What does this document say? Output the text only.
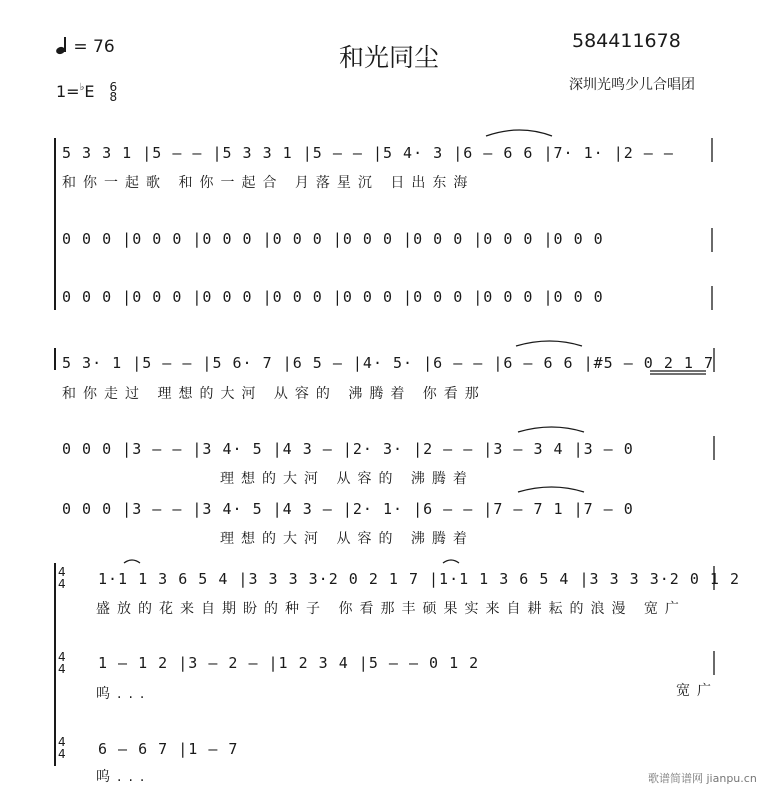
和光同尘
= 76
1=♭E 6
8
584411678
深圳光鸣少儿合唱团
5 3 3 1 |5 — — |5 3 3 1 |5 — — |5 4· 3 |6 — 6 6 |7· 1· |2 — —
和你一起歌 和你一起合 月落星沉 日出东海
0 0 0 |0 0 0 |0 0 0 |0 0 0 |0 0 0 |0 0 0 |0 0 0 |0 0 0
0 0 0 |0 0 0 |0 0 0 |0 0 0 |0 0 0 |0 0 0 |0 0 0 |0 0 0
5 3· 1 |5 — — |5 6· 7 |6 5 — |4· 5· |6 — — |6 — 6 6 |#5 — 0 2 1 7
和你走过 理想的大河 从容的 沸腾着 你看那
0 0 0 |3 — — |3 4· 5 |4 3 — |2· 3· |2 — — |3 — 3 4 |3 — 0
理想的大河 从容的 沸腾着
0 0 0 |3 — — |3 4· 5 |4 3 — |2· 1· |6 — — |7 — 7 1 |7 — 0
理想的大河 从容的 沸腾着
4
4 1·1 1 3 6 5 4 |3 3 3 3·2 0 2 1 7 |1·1 1 3 6 5 4 |3 3 3 3·2 0 1 2
盛放的花来自期盼的种子 你看那丰硕果实来自耕耘的浪漫 宽广
4
4 1 — 1 2 |3 — 2 — |1 2 3 4 |5 — — 0 1 2
呜...	宽广
4
4 6 — 6 7 |1 — 7
呜...	歌谱简谱网 jianpu.cn
